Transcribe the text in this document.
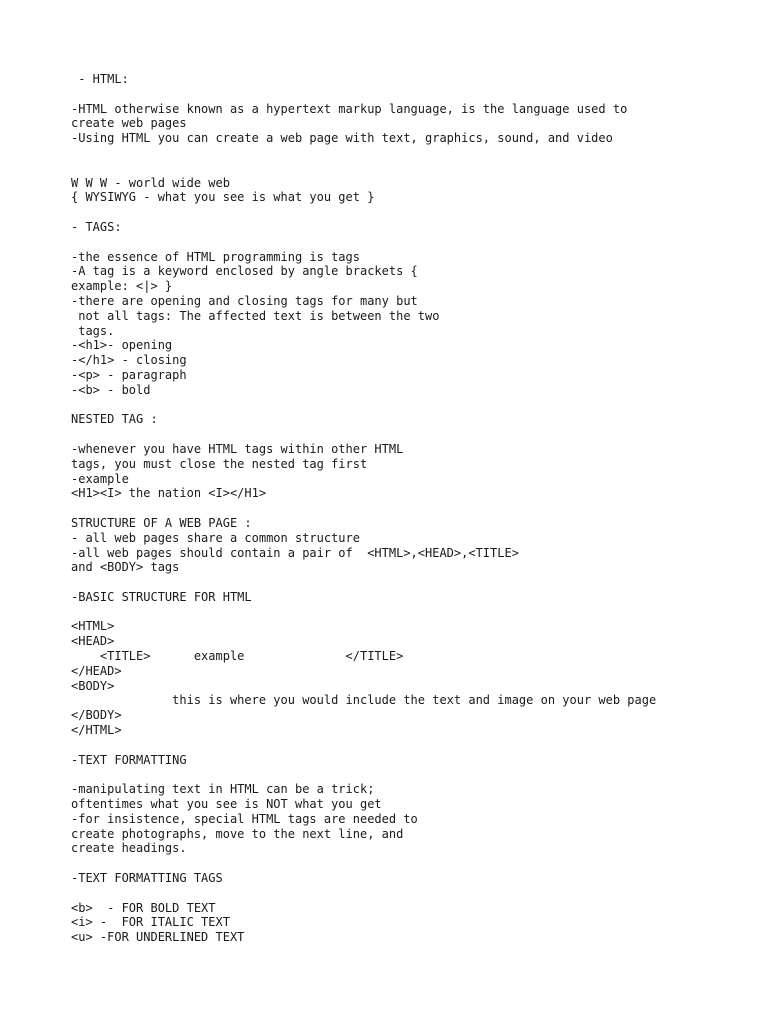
- HTML:
-HTML otherwise known as a hypertext markup language, is the language used to
create web pages
-Using HTML you can create a web page with text, graphics, sound, and video
W W W - world wide web
{ WYSIWYG - what you see is what you get }
- TAGS:
-the essence of HTML programming is tags
-A tag is a keyword enclosed by angle brackets {
example: <|> }
-there are opening and closing tags for many but
not all tags: The affected text is between the two
tags.
-<h1>- opening
-</h1> - closing
-<p> - paragraph
-<b> - bold
NESTED TAG :
-whenever you have HTML tags within other HTML
tags, you must close the nested tag first
-example
<H1><I> the nation <I></H1>
STRUCTURE OF A WEB PAGE :
- all web pages share a common structure
-all web pages should contain a pair of  <HTML>,<HEAD>,<TITLE>
and <BODY> tags
-BASIC STRUCTURE FOR HTML
<HTML>
<HEAD>
<TITLE>      example              </TITLE>
</HEAD>
<BODY>
this is where you would include the text and image on your web page
</BODY>
</HTML>
-TEXT FORMATTING
-manipulating text in HTML can be a trick;
oftentimes what you see is NOT what you get
-for insistence, special HTML tags are needed to
create photographs, move to the next line, and
create headings.
-TEXT FORMATTING TAGS
<b>  - FOR BOLD TEXT
<i> -  FOR ITALIC TEXT
<u> -FOR UNDERLINED TEXT
